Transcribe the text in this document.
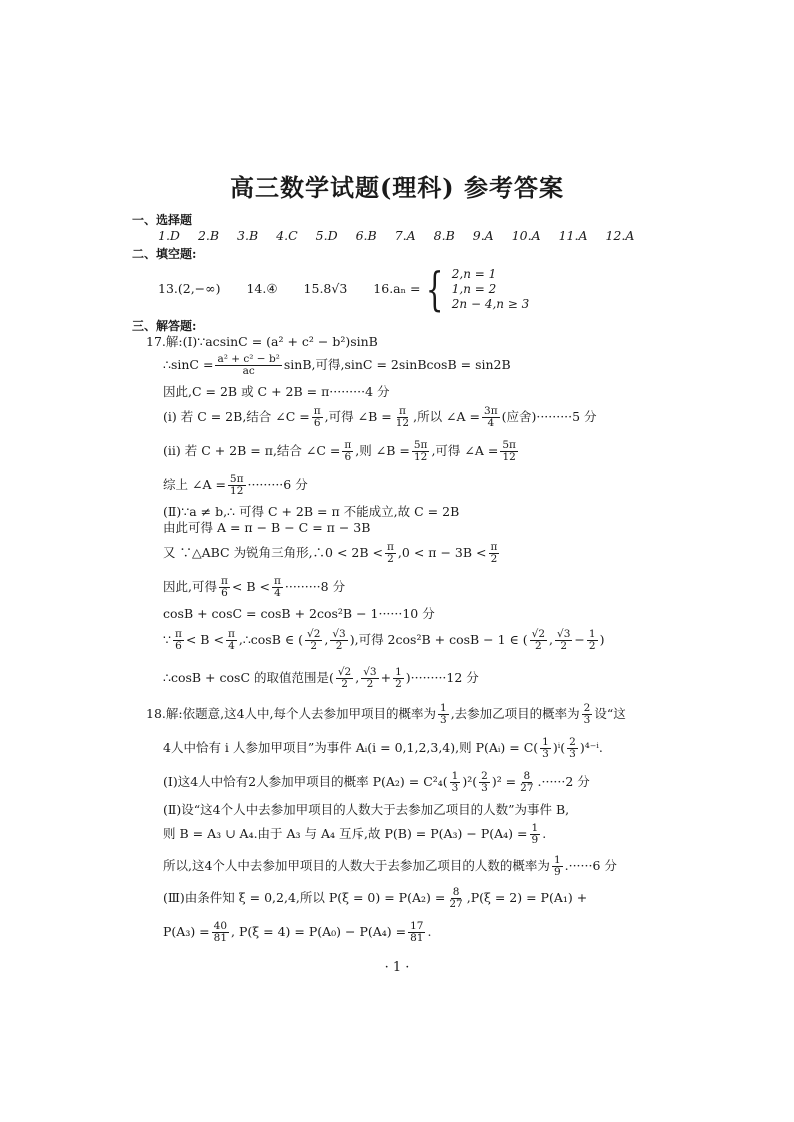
高三数学试题(理科) 参考答案
一、选择题
1.D 2.B 3.B 4.C 5.D 6.B 7.A 8.B 9.A 10.A 11.A 12.A
二、填空题:
13.(2,−∞) 14.④ 15.8√3 16.aₙ = { 2,n = 1
1,n = 2
2n − 4,n ≥ 3
三、解答题:
17.解:(Ⅰ)∵acsinC = (a² + c² − b²)sinB
∴sinC = $\frac{\text{a² + c² − b²}}{ac} \sin B$,可得,sinC = 2sinBcosB = sin2B
因此,C = 2B 或 C + 2B = π·········4 分
(i) 若 C = 2B,结合 ∠C = $\frac{\pi}{6}$ ,可得 ∠B = $\frac{\pi}{12}$ ,所以 ∠A = $\frac{3\pi}{4}$ (应舍)·········5 分
(ii) 若 C + 2B = π,结合 ∠C = $\frac{\pi}{6}$ ,则 ∠B = $\frac{5\pi}{12}$ ,可得 ∠A = $\frac{5\pi}{12}$
综上 ∠A = $\frac{5\pi}{12} \cdot\cdot\cdot\cdot\cdot\cdot\cdot\cdot\cdot 6$ 分
(Ⅱ)∵a ≠ b,∴ 可得 C + 2B = π 不能成立,故 C = 2B
由此可得 A = π − B − C = π − 3B
又 ∵△ABC 为锐角三角形,∴0 < $2B < \frac{\pi}{2} ,0 < \pi - 3B < \frac{\pi}{2}$
因此,可得 $\frac{\pi}{6} < B < \frac{\pi}{4} \cdot\cdot\cdot\cdot\cdot\cdot\cdot\cdot\cdot 8$ 分
cosB + cosC = cosB + 2cos²B − 1······10 分
∵ $\frac{\pi}{6} < B < \frac{\pi}{4}$ ,∴cosB ∈ ( $\frac{√2}{2}$ , $\frac{√3}{2}$ ),可得 2cos²B + cosB − 1 ∈ ( $\frac{√2}{2}$ , $\frac{√3}{2} - \frac{1}{2}$ )
∴cosB + cosC 的取值范围是( $\frac{√2}{2}$ , $\frac{√3}{2} + \frac{1}{2} )\cdot\cdot\cdot\cdot\cdot\cdot\cdot\cdot\cdot 12$ 分
18.解:依题意,这4人中,每个人去参加甲项目的概率为 $\frac{1}{3}$ ,去参加乙项目的概率为 $\frac{2}{3}$ 设“这
4人中恰有 i 人参加甲项目”为事件 Aᵢ(i = 0,1,2,3,4),则 P(Aᵢ) = C ( $\frac{1}{3} )^i( \frac{2}{3} )^{4-i}$.
(Ⅰ)这4人中恰有2人参加甲项目的概率 $P(A_2) = C^2_4( \frac{1}{3} )^2( \frac{2}{3} )^2 = \frac{8}{27} .\cdot\cdot\cdot\cdot\cdot\cdot 2$ 分
(Ⅱ)设“这4个人中去参加甲项目的人数大于去参加乙项目的人数”为事件 B,
则 B = A₃ ∪ A₄.由于 A₃ 与 A₄ 互斥,故 $P(B) = P(A_3) - P(A_4) = \frac{1}{9}$ .
所以,这4个人中去参加甲项目的人数大于去参加乙项目的人数的概率为 $\frac{1}{9} .\cdot\cdot\cdot\cdot\cdot\cdot 6$ 分
(Ⅲ)由条件知 ξ = 0,2,4,所以 $P(\xi = 0) = P(A_2) = \frac{8}{27} ,P(\xi = 2) = P(A_1)$ +
$P(A_3) = \frac{40}{81}$ , $P(\xi = 4) = P(A_0) - P(A_4) = \frac{17}{81}$ .
· 1 ·
